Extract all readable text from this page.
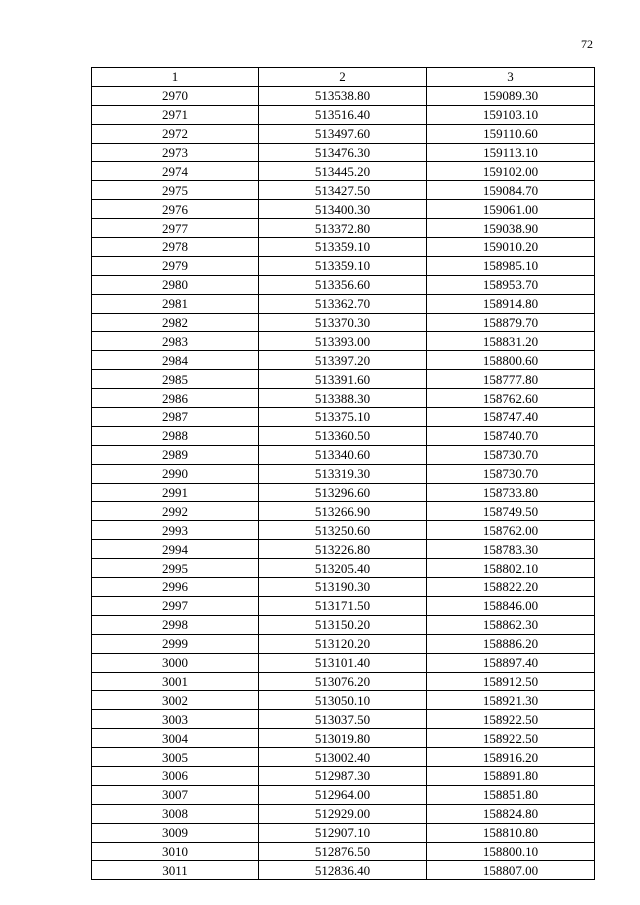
72
1	2	3
2970	513538.80	159089.30
2971	513516.40	159103.10
2972	513497.60	159110.60
2973	513476.30	159113.10
2974	513445.20	159102.00
2975	513427.50	159084.70
2976	513400.30	159061.00
2977	513372.80	159038.90
2978	513359.10	159010.20
2979	513359.10	158985.10
2980	513356.60	158953.70
2981	513362.70	158914.80
2982	513370.30	158879.70
2983	513393.00	158831.20
2984	513397.20	158800.60
2985	513391.60	158777.80
2986	513388.30	158762.60
2987	513375.10	158747.40
2988	513360.50	158740.70
2989	513340.60	158730.70
2990	513319.30	158730.70
2991	513296.60	158733.80
2992	513266.90	158749.50
2993	513250.60	158762.00
2994	513226.80	158783.30
2995	513205.40	158802.10
2996	513190.30	158822.20
2997	513171.50	158846.00
2998	513150.20	158862.30
2999	513120.20	158886.20
3000	513101.40	158897.40
3001	513076.20	158912.50
3002	513050.10	158921.30
3003	513037.50	158922.50
3004	513019.80	158922.50
3005	513002.40	158916.20
3006	512987.30	158891.80
3007	512964.00	158851.80
3008	512929.00	158824.80
3009	512907.10	158810.80
3010	512876.50	158800.10
3011	512836.40	158807.00
